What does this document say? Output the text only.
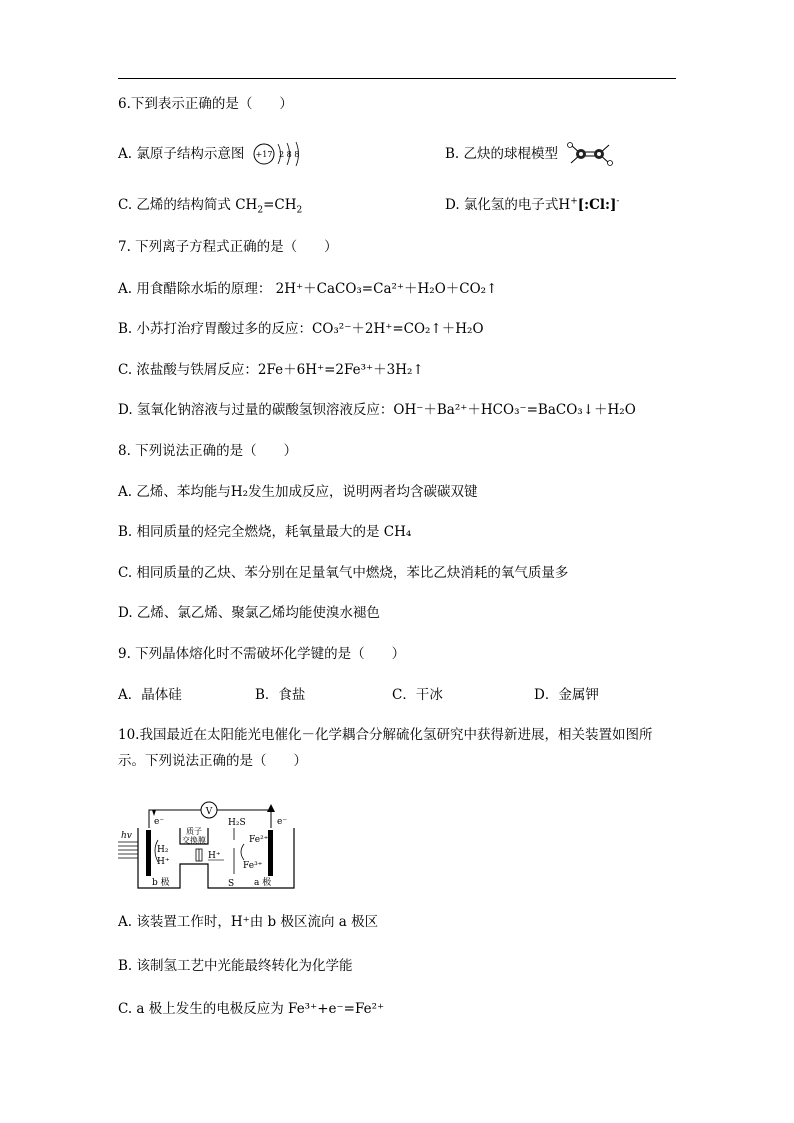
6.下到表示正确的是（　　）
A. 氯原子结构示意图 +17 2 8 8	B. 乙炔的球棍模型
C. 乙烯的结构简式 $CH_2=CH_2$	D. 氯化氢的电子式H+[:Cl:]-
7. 下列离子方程式正确的是（　　）
A. 用食醋除水垢的原理： 2H⁺＋CaCO₃=Ca²⁺＋H₂O＋CO₂↑
B. 小苏打治疗胃酸过多的反应：CO₃²⁻＋2H⁺=CO₂↑＋H₂O
C. 浓盐酸与铁屑反应：2Fe＋6H⁺=2Fe³⁺＋3H₂↑
D. 氢氧化钠溶液与过量的碳酸氢钡溶液反应：OH⁻＋Ba²⁺＋HCO₃⁻=BaCO₃↓＋H₂O
8. 下列说法正确的是（　　）
A. 乙烯、苯均能与H₂发生加成反应，说明两者均含碳碳双键
B. 相同质量的烃完全燃烧，耗氧量最大的是 CH₄
C. 相同质量的乙炔、苯分别在足量氧气中燃烧，苯比乙炔消耗的氧气质量多
D. 乙烯、氯乙烯、聚氯乙烯均能使溴水褪色
9. 下列晶体熔化时不需破坏化学键的是（　　）
A．晶体硅	B．食盐	C．干冰	D．金属钾
10.我国最近在太阳能光电催化－化学耦合分解硫化氢研究中获得新进展，相关装置如图所
示。下列说法正确的是（　　）
V
e⁻	e⁻
hv
H₂
H⁺
b 极
质子
交换膜
H⁺
H₂S
S
Fe²⁺
Fe³⁺
a 极
A. 该装置工作时，H⁺由 b 极区流向 a 极区
B. 该制氢工艺中光能最终转化为化学能
C. a 极上发生的电极反应为 Fe³⁺+e⁻=Fe²⁺
